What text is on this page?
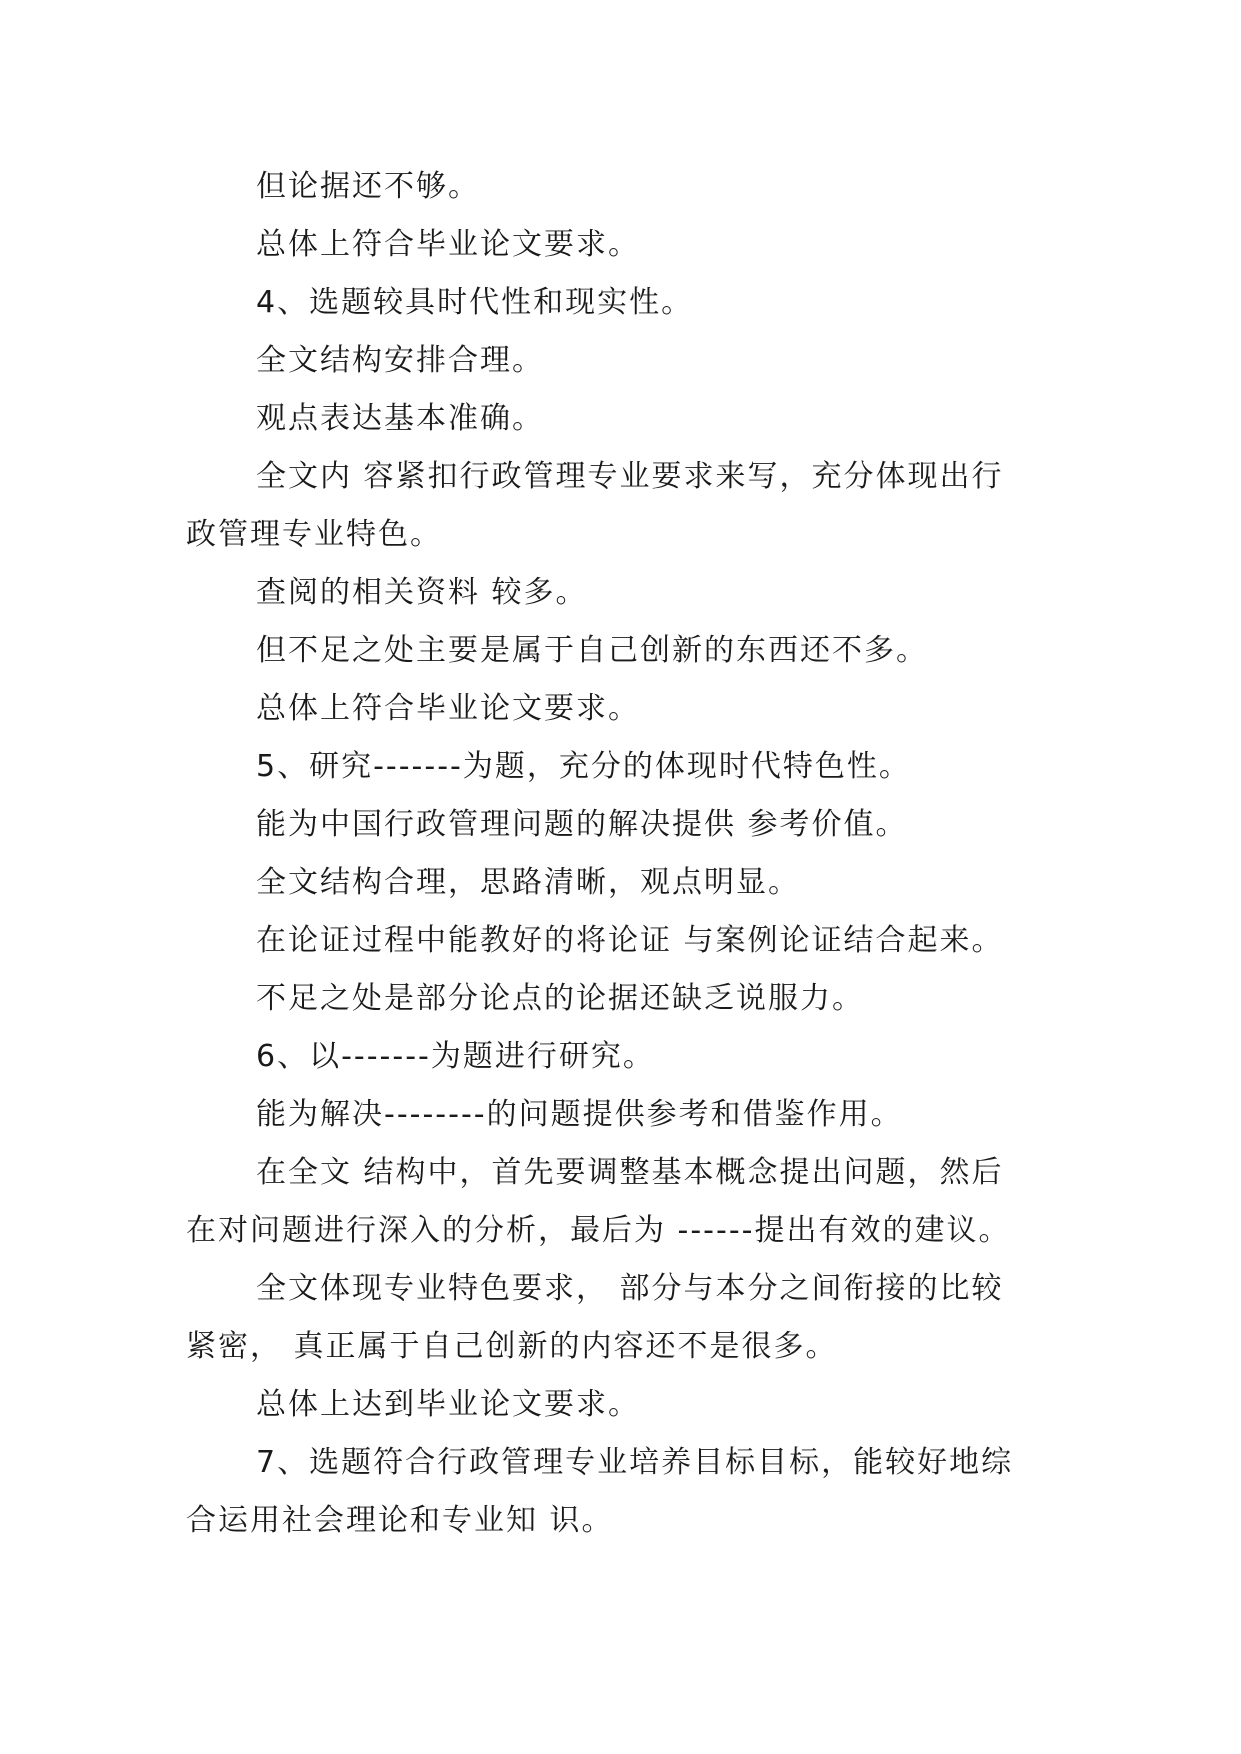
但论据还不够。
总体上符合毕业论文要求。
4、选题较具时代性和现实性。
全文结构安排合理。
观点表达基本准确。
全文内 容紧扣行政管理专业要求来写，充分体现出行
政管理专业特色。
查阅的相关资料 较多。
但不足之处主要是属于自己创新的东西还不多。
总体上符合毕业论文要求。
5、研究-------为题，充分的体现时代特色性。
能为中国行政管理问题的解决提供 参考价值。
全文结构合理，思路清晰，观点明显。
在论证过程中能教好的将论证 与案例论证结合起来。
不足之处是部分论点的论据还缺乏说服力。
6、以-------为题进行研究。
能为解决--------的问题提供参考和借鉴作用。
在全文 结构中，首先要调整基本概念提出问题，然后
在对问题进行深入的分析，最后为 ------提出有效的建议。
全文体现专业特色要求， 部分与本分之间衔接的比较
紧密， 真正属于自己创新的内容还不是很多。
总体上达到毕业论文要求。
7、选题符合行政管理专业培养目标目标，能较好地综
合运用社会理论和专业知 识。
